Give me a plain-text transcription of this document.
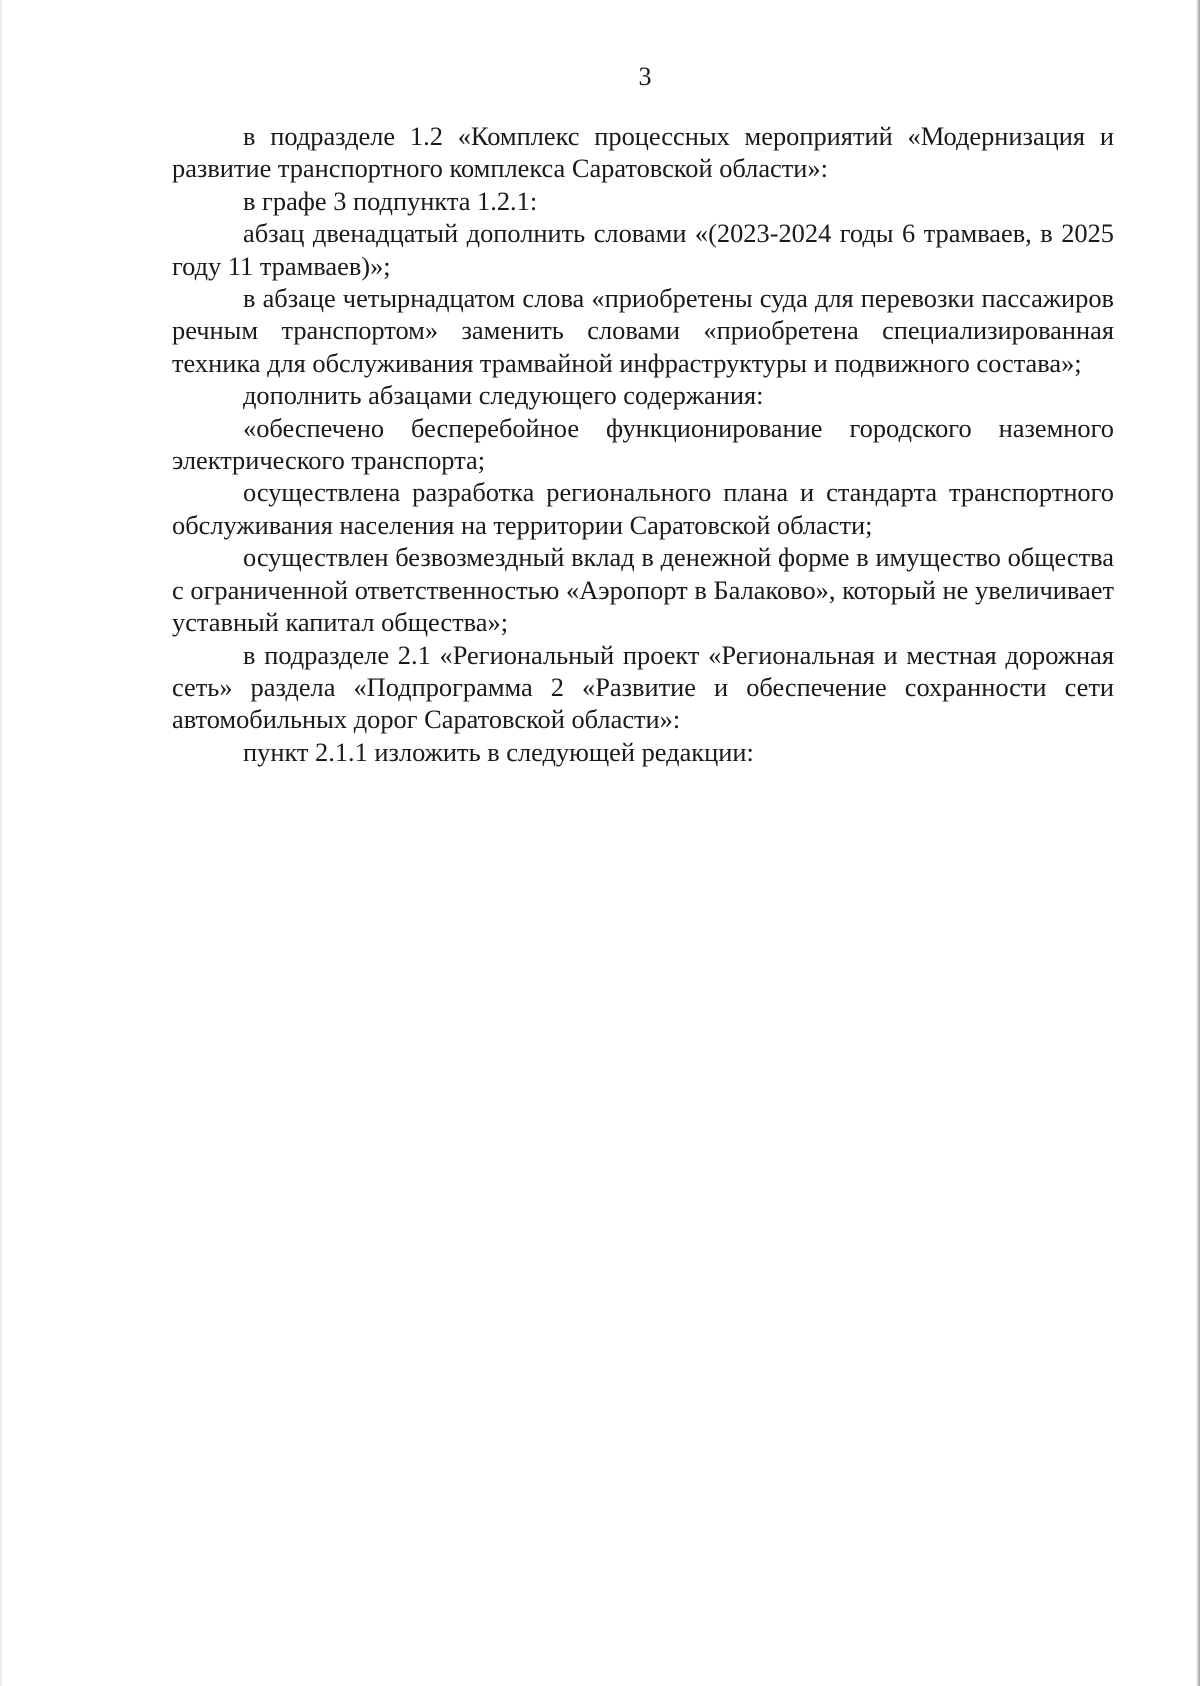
3

в подразделе 1.2 «Комплекс процессных мероприятий «Модернизация и развитие транспортного комплекса Саратовской области»:

в графе 3 подпункта 1.2.1:

абзац двенадцатый дополнить словами «(2023-2024 годы 6 трамваев, в 2025 году 11 трамваев)»;

в абзаце четырнадцатом слова «приобретены суда для перевозки пассажиров речным транспортом» заменить словами «приобретена специализированная техника для обслуживания трамвайной инфраструктуры и подвижного состава»;

дополнить абзацами следующего содержания:

«обеспечено бесперебойное функционирование городского наземного электрического транспорта;

осуществлена разработка регионального плана и стандарта транспортного обслуживания населения на территории Саратовской области;

осуществлен безвозмездный вклад в денежной форме в имущество общества с ограниченной ответственностью «Аэропорт в Балаково», который не увеличивает уставный капитал общества»;

в подразделе 2.1 «Региональный проект «Региональная и местная дорожная сеть» раздела «Подпрограмма 2 «Развитие и обеспечение сохранности сети автомобильных дорог Саратовской области»:

пункт 2.1.1 изложить в следующей редакции:
